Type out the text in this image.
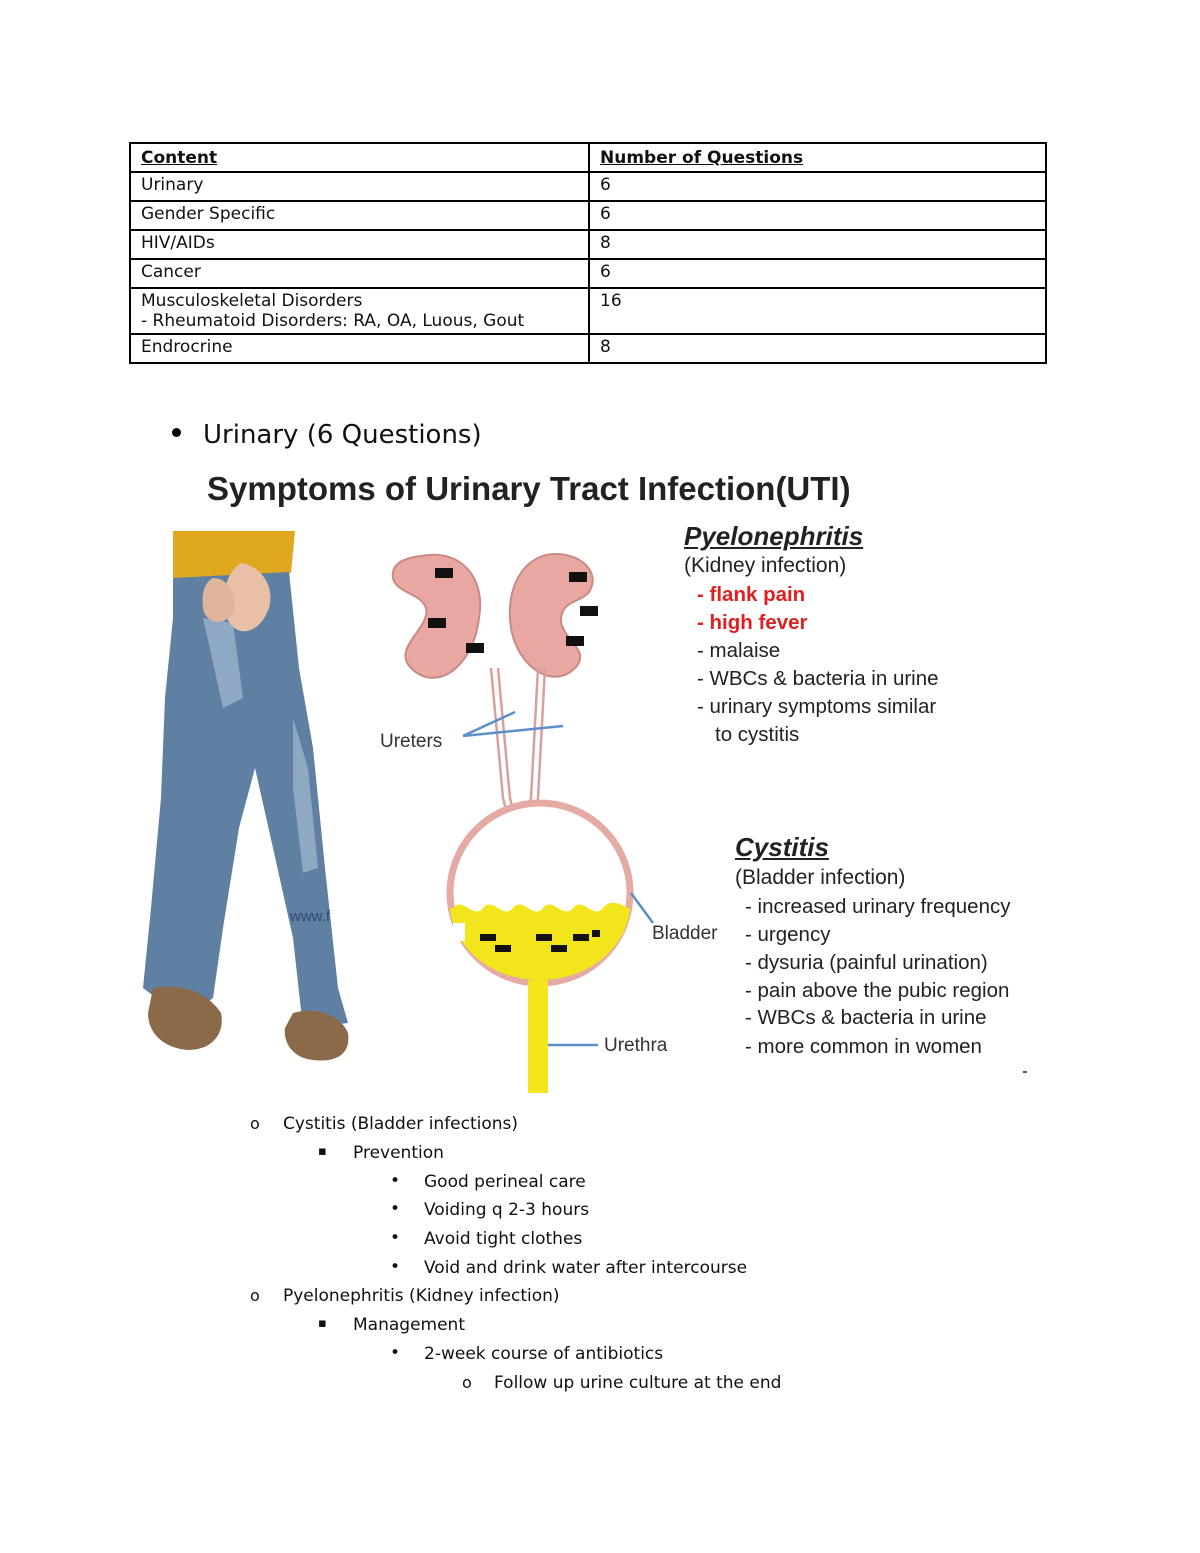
Content	Number of Questions
Urinary	6
Gender Specific	6
HIV/AIDs	8
Cancer	6

Musculoskeletal Disorders
- Rheumatoid Disorders: RA, OA, Luous, Gout	16
Endrocrine	8
Urinary (6 Questions)
Symptoms of Urinary Tract Infection(UTI)
Ureters
Bladder
Urethra
www.f
Pyelonephritis
(Kidney infection)
- flank pain
- high fever
- malaise
- WBCs & bacteria in urine
- urinary symptoms similar
to cystitis
Cystitis
(Bladder infection)
- increased urinary frequency
- urgency
- dysuria (painful urination)
- pain above the pubic region
- WBCs & bacteria in urine
- more common in women
o Cystitis (Bladder infections)
▪ Prevention
• Good perineal care
• Voiding q 2-3 hours
• Avoid tight clothes
• Void and drink water after intercourse
o Pyelonephritis (Kidney infection)
▪ Management
• 2-week course of antibiotics
o Follow up urine culture at the end
